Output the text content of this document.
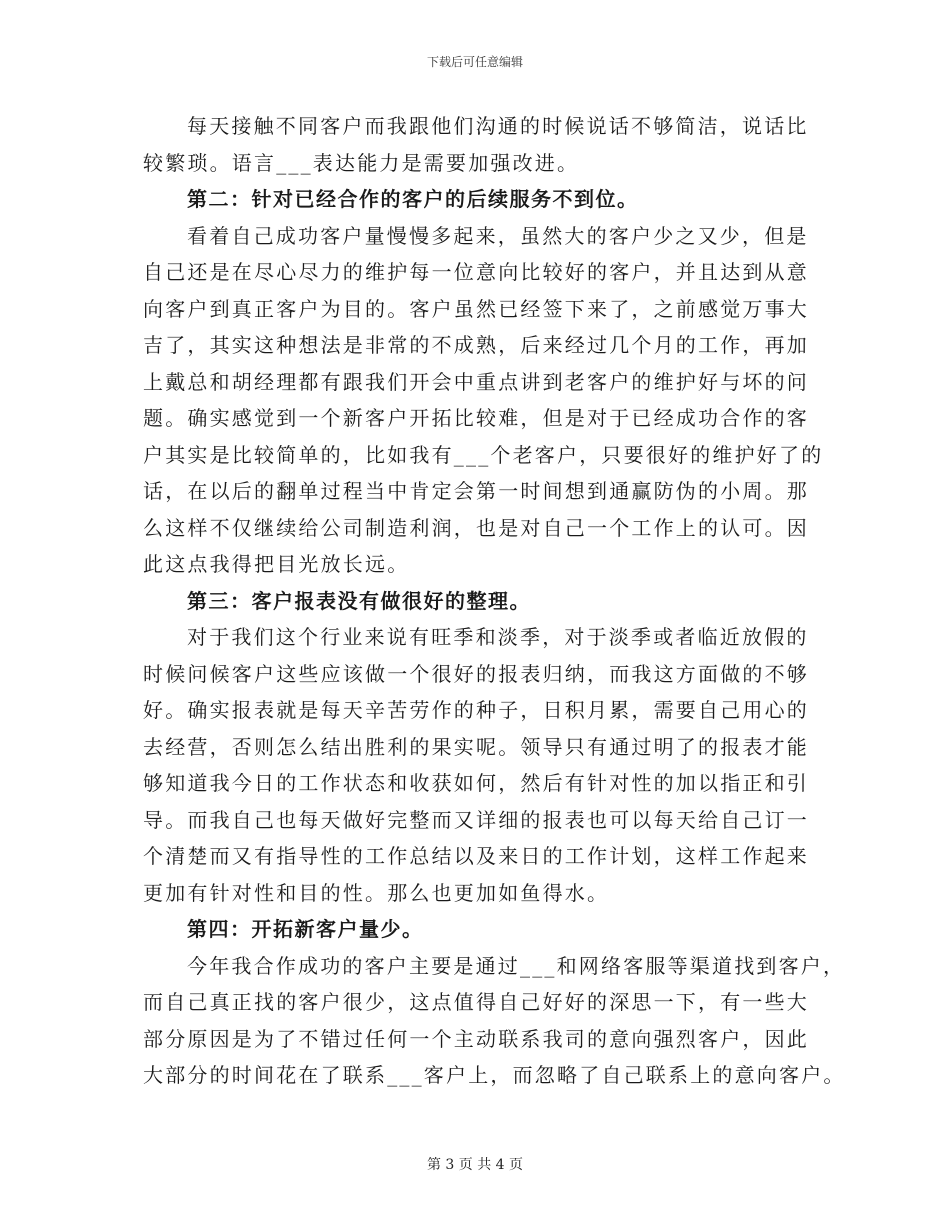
下载后可任意编辑
每天接触不同客户而我跟他们沟通的时候说话不够简洁，说话比
较繁琐。语言___表达能力是需要加强改进。
第二：针对已经合作的客户的后续服务不到位。
看着自己成功客户量慢慢多起来，虽然大的客户少之又少，但是
自己还是在尽心尽力的维护每一位意向比较好的客户，并且达到从意
向客户到真正客户为目的。客户虽然已经签下来了，之前感觉万事大
吉了，其实这种想法是非常的不成熟，后来经过几个月的工作，再加
上戴总和胡经理都有跟我们开会中重点讲到老客户的维护好与坏的问
题。确实感觉到一个新客户开拓比较难，但是对于已经成功合作的客
户其实是比较简单的，比如我有___个老客户，只要很好的维护好了的
话，在以后的翻单过程当中肯定会第一时间想到通赢防伪的小周。那
么这样不仅继续给公司制造利润，也是对自己一个工作上的认可。因
此这点我得把目光放长远。
第三：客户报表没有做很好的整理。
对于我们这个行业来说有旺季和淡季，对于淡季或者临近放假的
时候问候客户这些应该做一个很好的报表归纳，而我这方面做的不够
好。确实报表就是每天辛苦劳作的种子，日积月累，需要自己用心的
去经营，否则怎么结出胜利的果实呢。领导只有通过明了的报表才能
够知道我今日的工作状态和收获如何，然后有针对性的加以指正和引
导。而我自己也每天做好完整而又详细的报表也可以每天给自己订一
个清楚而又有指导性的工作总结以及来日的工作计划，这样工作起来
更加有针对性和目的性。那么也更加如鱼得水。
第四：开拓新客户量少。
今年我合作成功的客户主要是通过___和网络客服等渠道找到客户，
而自己真正找的客户很少，这点值得自己好好的深思一下，有一些大
部分原因是为了不错过任何一个主动联系我司的意向强烈客户，因此
大部分的时间花在了联系___客户上，而忽略了自己联系上的意向客户。
第 3 页 共 4 页
